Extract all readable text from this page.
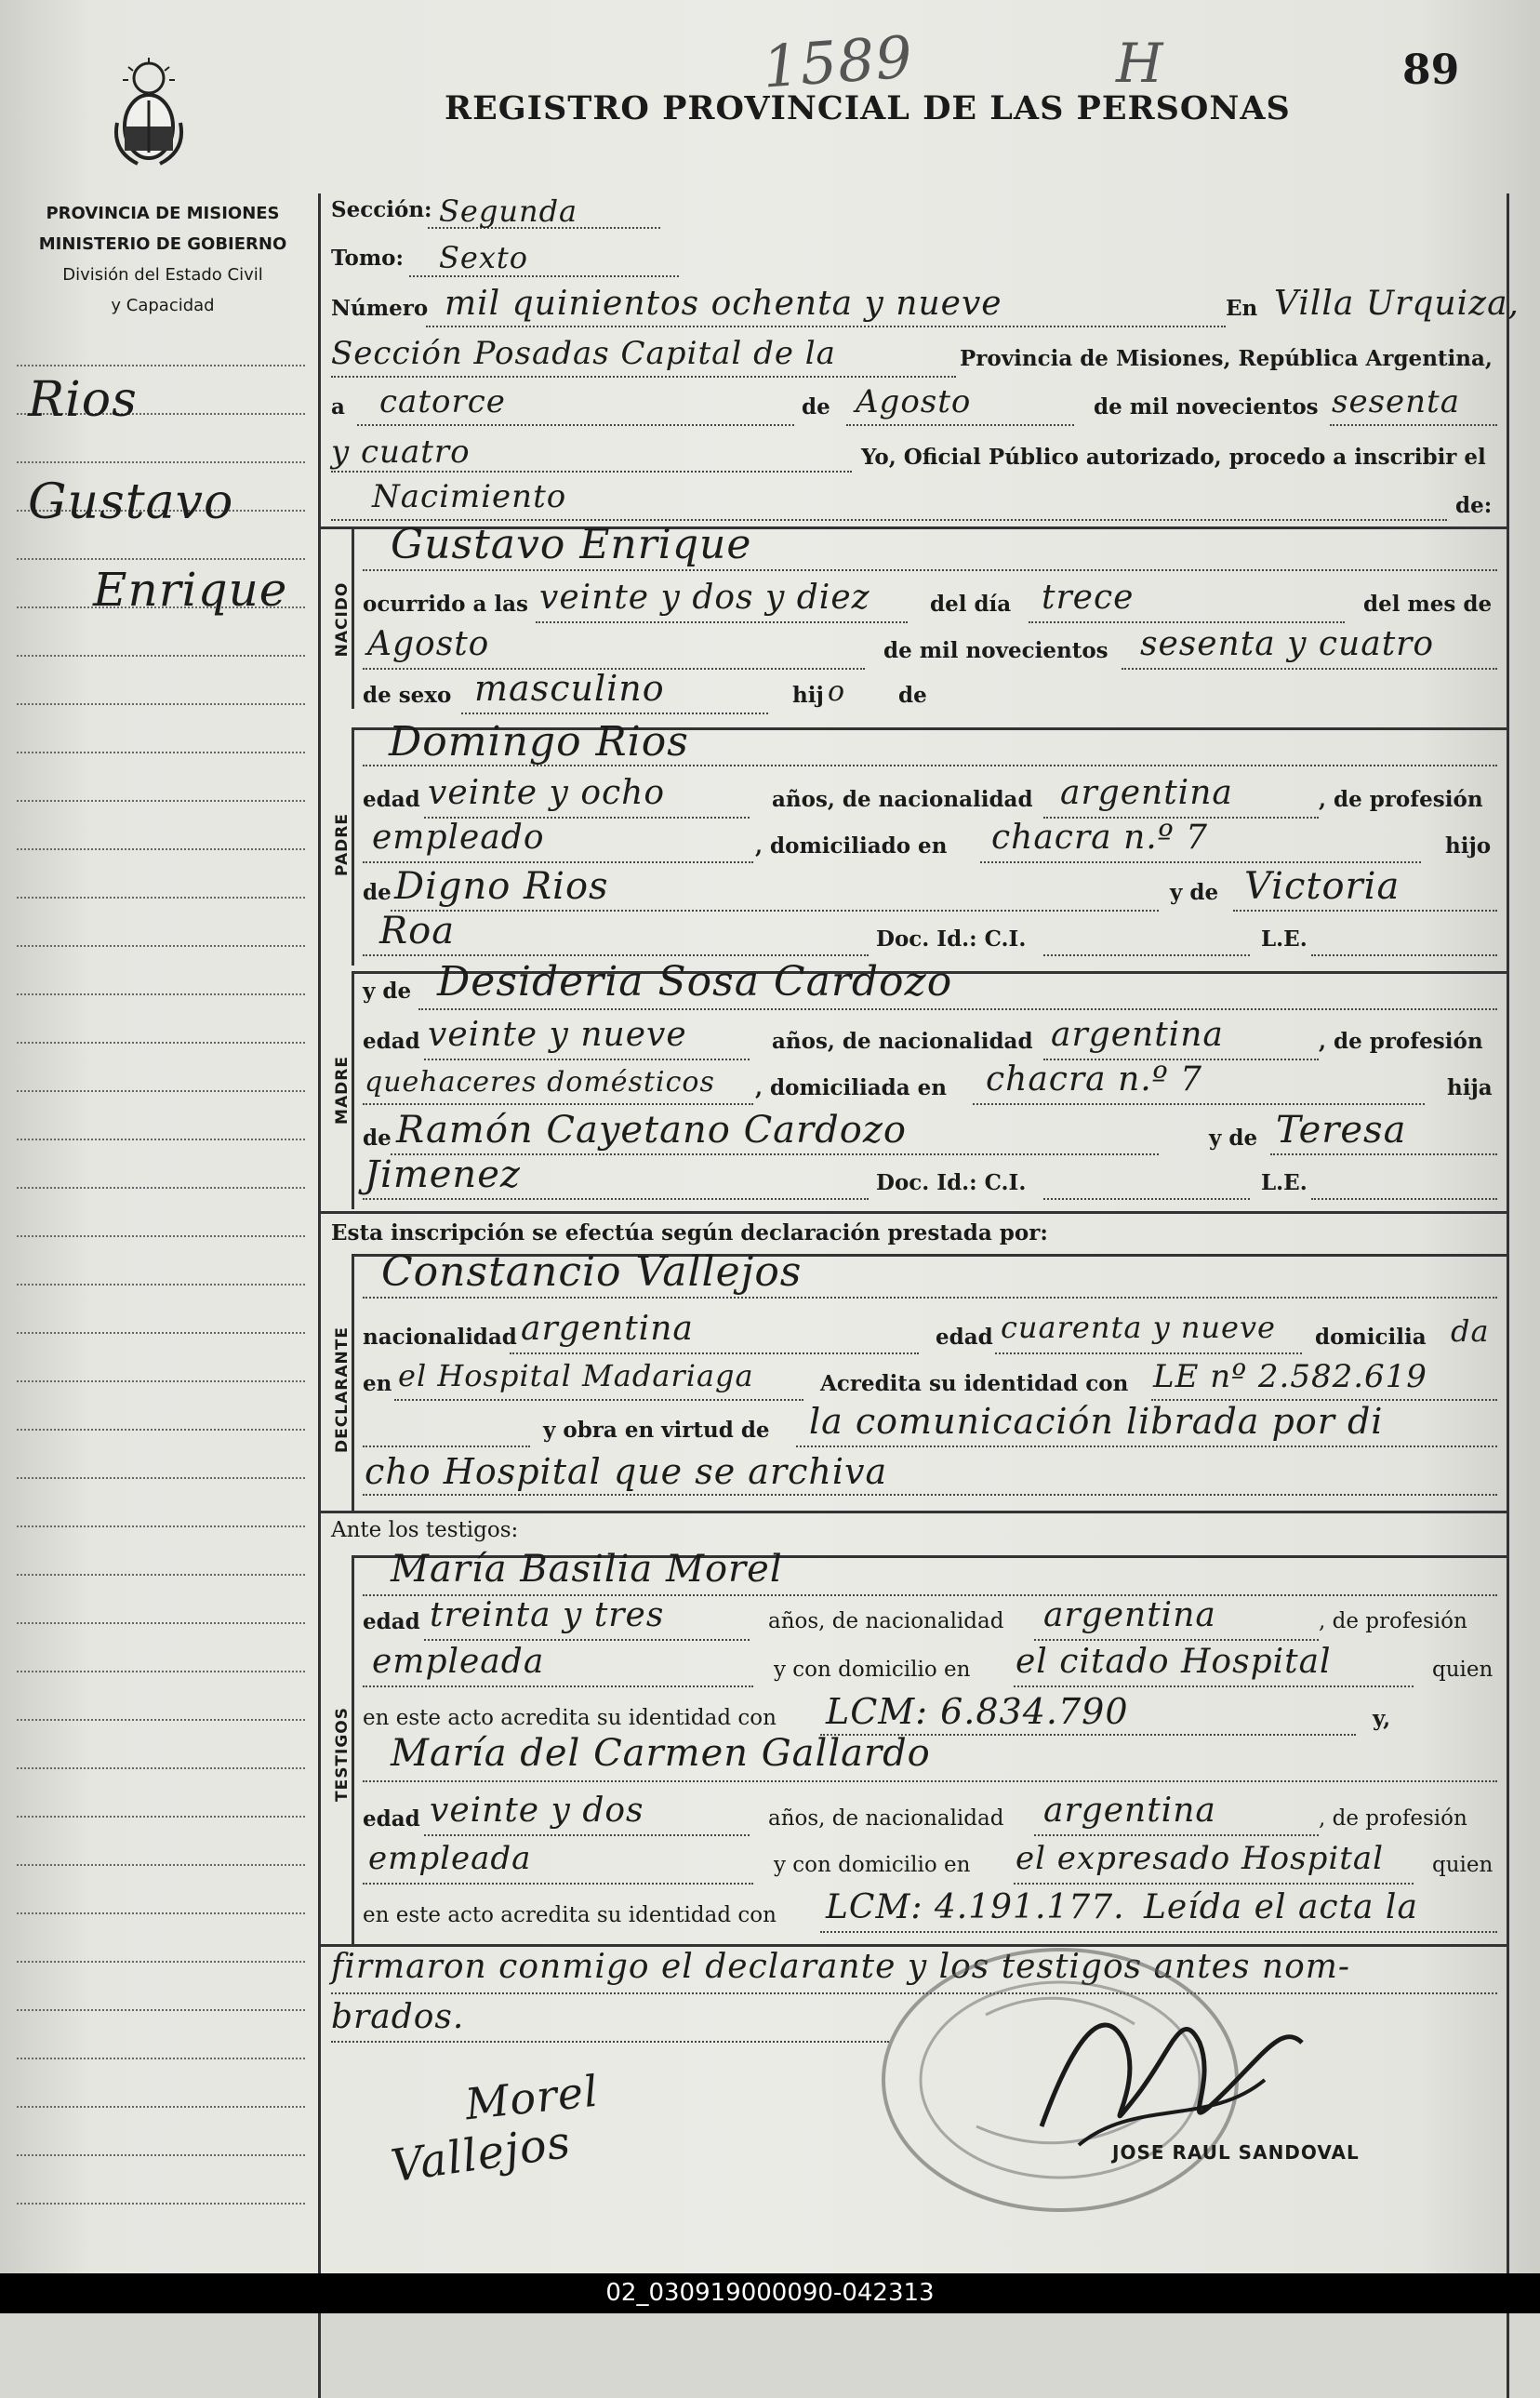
1589	H	89
REGISTRO PROVINCIAL DE LAS PERSONAS
PROVINCIA DE MISIONES
MINISTERIO DE GOBIERNO
División del Estado Civil
y Capacidad
Rios
Gustavo
Enrique
Sección: Segunda
Tomo: Sexto
Número mil quinientos ochenta y nueve	En Villa Urquiza,
Sección Posadas Capital de la	Provincia de Misiones, República Argentina,
a catorce	de Agosto	de mil novecientos sesenta
y cuatro	Yo, Oficial Público autorizado, procedo a inscribir el
Nacimiento	de:
NACIDO
Gustavo Enrique
ocurrido a las veinte y dos y diez	del día trece	del mes de
Agosto	de mil novecientos sesenta y cuatro
de sexo masculino	hij o de
PADRE
Domingo Rios
edad veinte y ocho	años, de nacionalidad argentina	, de profesión
empleado	, domiciliado en chacra n.º 7	hijo
de Digno Rios	y de Victoria
Roa	Doc. Id.: C.I.	L.E.
MADRE
y de Desideria Sosa Cardozo
edad veinte y nueve	años, de nacionalidad argentina	, de profesión
quehaceres domésticos , domiciliada en chacra n.º 7	hija
de Ramón Cayetano Cardozo	y de Teresa
Jimenez	Doc. Id.: C.I.	L.E.
Esta inscripción se efectúa según declaración prestada por:
DECLARANTE
Constancio Vallejos
nacionalidad argentina	edad cuarenta y nueve domicilia da
en el Hospital Madariaga	Acredita su identidad con LE nº 2.582.619
y obra en virtud de la comunicación librada por di
cho Hospital que se archiva
Ante los testigos:
TESTIGOS
María Basilia Morel
edad treinta y tres	años, de nacionalidad argentina	, de profesión
empleada	y con domicilio en el citado Hospital	quien
en este acto acredita su identidad con LCM: 6.834.790	y,
María del Carmen Gallardo
edad veinte y dos	años, de nacionalidad argentina	, de profesión
empleada	y con domicilio en el expresado Hospital quien
en este acto acredita su identidad con LCM: 4.191.177. Leída el acta la
firmaron conmigo el declarante y los testigos antes nom-
brados.
Morel
Vallejos	JOSE RAUL SANDOVAL
02_030919000090-042313
